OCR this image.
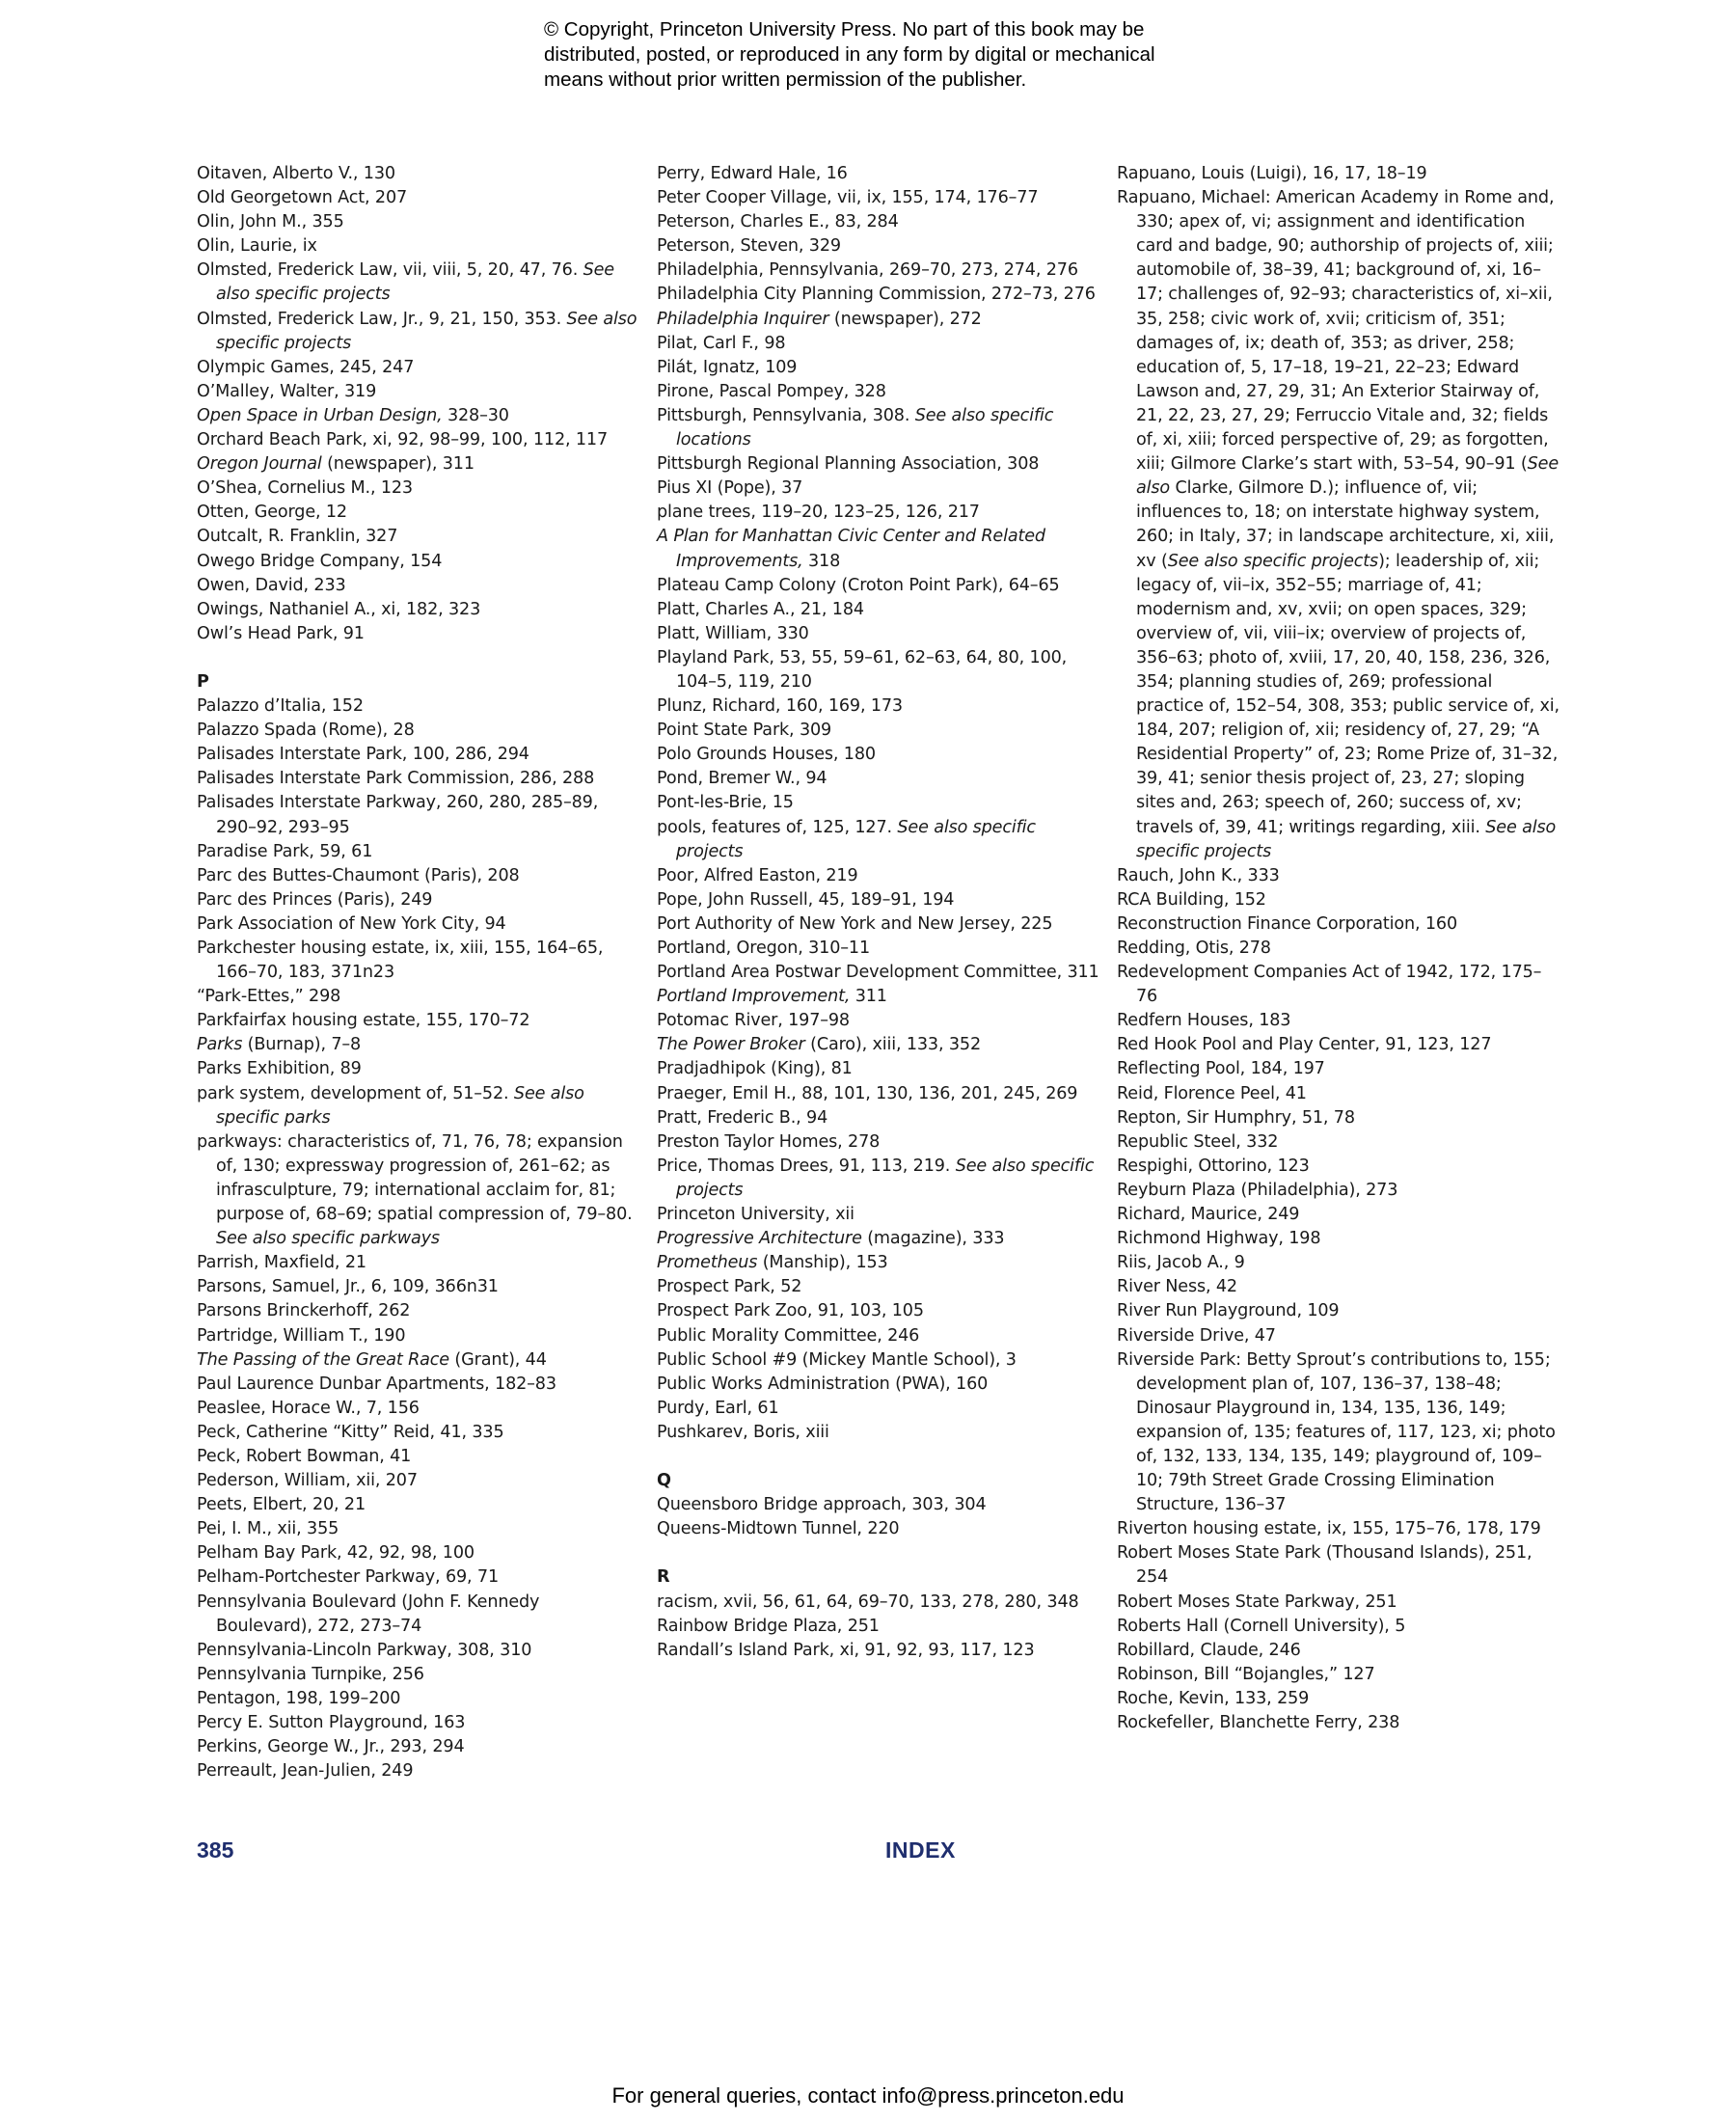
© Copyright, Princeton University Press. No part of this book may be
distributed, posted, or reproduced in any form by digital or mechanical
means without prior written permission of the publisher.
Oitaven, Alberto V., 130
Old Georgetown Act, 207
Olin, John M., 355
Olin, Laurie, ix
Olmsted, Frederick Law, vii, viii, 5, 20, 47, 76. See also specific projects
Olmsted, Frederick Law, Jr., 9, 21, 150, 353. See also specific projects
Olympic Games, 245, 247
O’Malley, Walter, 319
Open Space in Urban Design, 328–30
Orchard Beach Park, xi, 92, 98–99, 100, 112, 117
Oregon Journal (newspaper), 311
O’Shea, Cornelius M., 123
Otten, George, 12
Outcalt, R. Franklin, 327
Owego Bridge Company, 154
Owen, David, 233
Owings, Nathaniel A., xi, 182, 323
Owl’s Head Park, 91
P
Palazzo d’Italia, 152
Palazzo Spada (Rome), 28
Palisades Interstate Park, 100, 286, 294
Palisades Interstate Park Commission, 286, 288
Palisades Interstate Parkway, 260, 280, 285–89, 290–92, 293–95
Paradise Park, 59, 61
Parc des Buttes-Chaumont (Paris), 208
Parc des Princes (Paris), 249
Park Association of New York City, 94
Parkchester housing estate, ix, xiii, 155, 164–65, 166–70, 183, 371n23
“Park-Ettes,” 298
Parkfairfax housing estate, 155, 170–72
Parks (Burnap), 7–8
Parks Exhibition, 89
park system, development of, 51–52. See also specific parks
parkways: characteristics of, 71, 76, 78; expansion of, 130; expressway progression of, 261–62; as infrasculpture, 79; international acclaim for, 81; purpose of, 68–69; spatial compression of, 79–80. See also specific parkways
Parrish, Maxfield, 21
Parsons, Samuel, Jr., 6, 109, 366n31
Parsons Brinckerhoff, 262
Partridge, William T., 190
The Passing of the Great Race (Grant), 44
Paul Laurence Dunbar Apartments, 182–83
Peaslee, Horace W., 7, 156
Peck, Catherine “Kitty” Reid, 41, 335
Peck, Robert Bowman, 41
Pederson, William, xii, 207
Peets, Elbert, 20, 21
Pei, I. M., xii, 355
Pelham Bay Park, 42, 92, 98, 100
Pelham-Portchester Parkway, 69, 71
Pennsylvania Boulevard (John F. Kennedy Boulevard), 272, 273–74
Pennsylvania-Lincoln Parkway, 308, 310
Pennsylvania Turnpike, 256
Pentagon, 198, 199–200
Percy E. Sutton Playground, 163
Perkins, George W., Jr., 293, 294
Perreault, Jean-Julien, 249
Perry, Edward Hale, 16
Peter Cooper Village, vii, ix, 155, 174, 176–77
Peterson, Charles E., 83, 284
Peterson, Steven, 329
Philadelphia, Pennsylvania, 269–70, 273, 274, 276
Philadelphia City Planning Commission, 272–73, 276
Philadelphia Inquirer (newspaper), 272
Pilat, Carl F., 98
Pilát, Ignatz, 109
Pirone, Pascal Pompey, 328
Pittsburgh, Pennsylvania, 308. See also specific locations
Pittsburgh Regional Planning Association, 308
Pius XI (Pope), 37
plane trees, 119–20, 123–25, 126, 217
A Plan for Manhattan Civic Center and Related Improvements, 318
Plateau Camp Colony (Croton Point Park), 64–65
Platt, Charles A., 21, 184
Platt, William, 330
Playland Park, 53, 55, 59–61, 62–63, 64, 80, 100, 104–5, 119, 210
Plunz, Richard, 160, 169, 173
Point State Park, 309
Polo Grounds Houses, 180
Pond, Bremer W., 94
Pont-les-Brie, 15
pools, features of, 125, 127. See also specific projects
Poor, Alfred Easton, 219
Pope, John Russell, 45, 189–91, 194
Port Authority of New York and New Jersey, 225
Portland, Oregon, 310–11
Portland Area Postwar Development Committee, 311
Portland Improvement, 311
Potomac River, 197–98
The Power Broker (Caro), xiii, 133, 352
Pradjadhipok (King), 81
Praeger, Emil H., 88, 101, 130, 136, 201, 245, 269
Pratt, Frederic B., 94
Preston Taylor Homes, 278
Price, Thomas Drees, 91, 113, 219. See also specific projects
Princeton University, xii
Progressive Architecture (magazine), 333
Prometheus (Manship), 153
Prospect Park, 52
Prospect Park Zoo, 91, 103, 105
Public Morality Committee, 246
Public School #9 (Mickey Mantle School), 3
Public Works Administration (PWA), 160
Purdy, Earl, 61
Pushkarev, Boris, xiii
Q
Queensboro Bridge approach, 303, 304
Queens-Midtown Tunnel, 220
R
racism, xvii, 56, 61, 64, 69–70, 133, 278, 280, 348
Rainbow Bridge Plaza, 251
Randall’s Island Park, xi, 91, 92, 93, 117, 123
Rapuano, Louis (Luigi), 16, 17, 18–19
Rapuano, Michael: American Academy in Rome and, 330; apex of, vi; assignment and identification card and badge, 90; authorship of projects of, xiii; automobile of, 38–39, 41; background of, xi, 16–17; challenges of, 92–93; characteristics of, xi–xii, 35, 258; civic work of, xvii; criticism of, 351; damages of, ix; death of, 353; as driver, 258; education of, 5, 17–18, 19–21, 22–23; Edward Lawson and, 27, 29, 31; An Exterior Stairway of, 21, 22, 23, 27, 29; Ferruccio Vitale and, 32; fields of, xi, xiii; forced perspective of, 29; as forgotten, xiii; Gilmore Clarke’s start with, 53–54, 90–91 (See also Clarke, Gilmore D.); influence of, vii; influences to, 18; on interstate highway system, 260; in Italy, 37; in landscape architecture, xi, xiii, xv (See also specific projects); leadership of, xii; legacy of, vii–ix, 352–55; marriage of, 41; modernism and, xv, xvii; on open spaces, 329; overview of, vii, viii–ix; overview of projects of, 356–63; photo of, xviii, 17, 20, 40, 158, 236, 326, 354; planning studies of, 269; professional practice of, 152–54, 308, 353; public service of, xi, 184, 207; religion of, xii; residency of, 27, 29; “A Residential Property” of, 23; Rome Prize of, 31–32, 39, 41; senior thesis project of, 23, 27; sloping sites and, 263; speech of, 260; success of, xv; travels of, 39, 41; writings regarding, xiii. See also specific projects
Rauch, John K., 333
RCA Building, 152
Reconstruction Finance Corporation, 160
Redding, Otis, 278
Redevelopment Companies Act of 1942, 172, 175–76
Redfern Houses, 183
Red Hook Pool and Play Center, 91, 123, 127
Reflecting Pool, 184, 197
Reid, Florence Peel, 41
Repton, Sir Humphry, 51, 78
Republic Steel, 332
Respighi, Ottorino, 123
Reyburn Plaza (Philadelphia), 273
Richard, Maurice, 249
Richmond Highway, 198
Riis, Jacob A., 9
River Ness, 42
River Run Playground, 109
Riverside Drive, 47
Riverside Park: Betty Sprout’s contributions to, 155; development plan of, 107, 136–37, 138–48; Dinosaur Playground in, 134, 135, 136, 149; expansion of, 135; features of, 117, 123, xi; photo of, 132, 133, 134, 135, 149; playground of, 109–10; 79th Street Grade Crossing Elimination Structure, 136–37
Riverton housing estate, ix, 155, 175–76, 178, 179
Robert Moses State Park (Thousand Islands), 251, 254
Robert Moses State Parkway, 251
Roberts Hall (Cornell University), 5
Robillard, Claude, 246
Robinson, Bill “Bojangles,” 127
Roche, Kevin, 133, 259
Rockefeller, Blanchette Ferry, 238
385	INDEX
For general queries, contact info@press.princeton.edu
